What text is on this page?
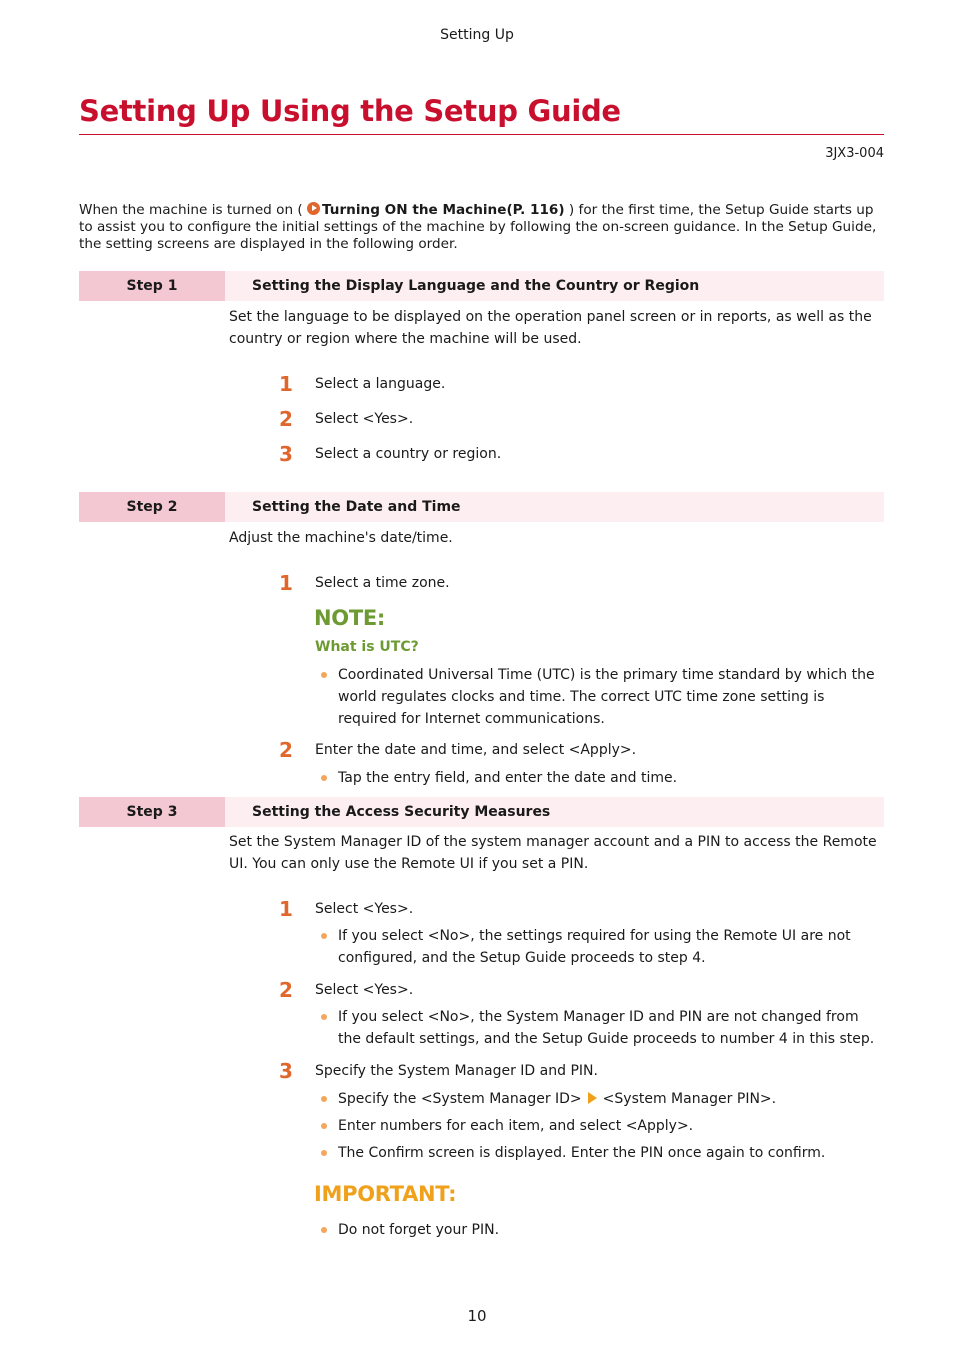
Setting Up
Setting Up Using the Setup Guide
3JX3-004
When the machine is turned on ( Turning ON the Machine(P. 116) ) for the first time, the Setup Guide starts up to assist you to configure the initial settings of the machine by following the on-screen guidance. In the Setup Guide, the setting screens are displayed in the following order.
Step 1	Setting the Display Language and the Country or Region
Set the language to be displayed on the operation panel screen or in reports, as well as the country or region where the machine will be used.
1 Select a language.
2 Select <Yes>.
3 Select a country or region.
Step 2	Setting the Date and Time
Adjust the machine's date/time.
1 Select a time zone.
NOTE:
What is UTC?
Coordinated Universal Time (UTC) is the primary time standard by which the world regulates clocks and time. The correct UTC time zone setting is required for Internet communications.
2 Enter the date and time, and select <Apply>.
Tap the entry field, and enter the date and time.
Step 3	Setting the Access Security Measures
Set the System Manager ID of the system manager account and a PIN to access the Remote UI. You can only use the Remote UI if you set a PIN.
1 Select <Yes>.
If you select <No>, the settings required for using the Remote UI are not configured, and the Setup Guide proceeds to step 4.
2 Select <Yes>.
If you select <No>, the System Manager ID and PIN are not changed from the default settings, and the Setup Guide proceeds to number 4 in this step.
3 Specify the System Manager ID and PIN.
Specify the <System Manager ID> <System Manager PIN>.
Enter numbers for each item, and select <Apply>.
The Confirm screen is displayed. Enter the PIN once again to confirm.
IMPORTANT:
Do not forget your PIN.
10
